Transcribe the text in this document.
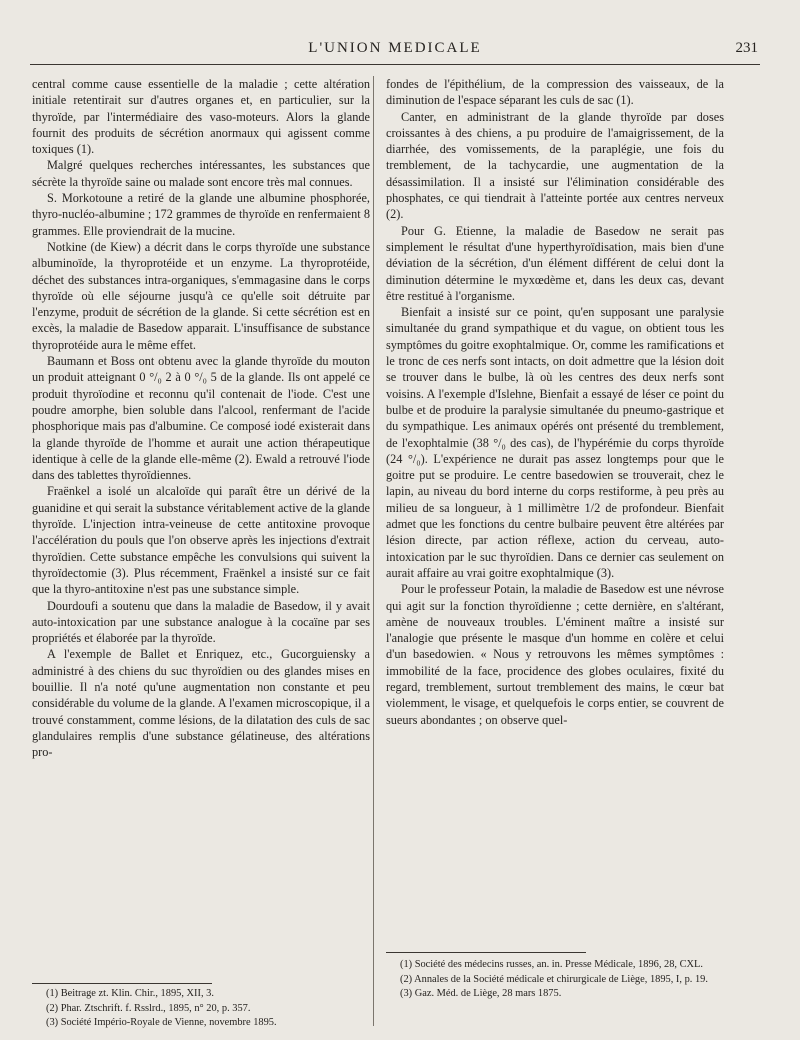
L'UNION MEDICALE	231

central comme cause essentielle de la maladie ; cette altération initiale retentirait sur d'autres organes et, en particulier, sur la thyroïde, par l'intermédiaire des vaso-moteurs. Alors la glande fournit des produits de sécrétion anormaux qui agissent comme toxiques (1).

Malgré quelques recherches intéressantes, les substances que sécrète la thyroïde saine ou malade sont encore très mal connues.

S. Morkotoune a retiré de la glande une albumine phosphorée, thyro-nucléo-albumine ; 172 grammes de thyroïde en renfermaient 8 grammes. Elle proviendrait de la mucine.

Notkine (de Kiew) a décrit dans le corps thyroïde une substance albuminoïde, la thyroprotéide et un enzyme. La thyroprotéide, déchet des substances intra-organiques, s'emmagasine dans le corps thyroïde où elle séjourne jusqu'à ce qu'elle soit détruite par l'enzyme, produit de sécrétion de la glande. Si cette sécrétion est en excès, la maladie de Basedow apparait. L'insuffisance de substance thyroprotéide aura le même effet.

Baumann et Boss ont obtenu avec la glande thyroïde du mouton un produit atteignant 0 °/₀ 2 à 0 °/₀ 5 de la glande. Ils ont appelé ce produit thyroïodine et reconnu qu'il contenait de l'iode. C'est une poudre amorphe, bien soluble dans l'alcool, renfermant de l'acide phosphorique mais pas d'albumine. Ce composé iodé existerait dans la glande thyroïde de l'homme et aurait une action thérapeutique identique à celle de la glande elle-même (2). Ewald a retrouvé l'iode dans des tablettes thyroïdiennes.

Fraënkel a isolé un alcaloïde qui paraît être un dérivé de la guanidine et qui serait la substance véritablement active de la glande thyroïde. L'injection intra-veineuse de cette antitoxine provoque l'accélération du pouls que l'on observe après les injections d'extrait thyroïdien. Cette substance empêche les convulsions qui suivent la thyroïdectomie (3). Plus récemment, Fraënkel a insisté sur ce fait que la thyro-antitoxine n'est pas une substance simple.

Dourdoufi a soutenu que dans la maladie de Basedow, il y avait auto-intoxication par une substance analogue à la cocaïne par ses propriétés et élaborée par la thyroïde.

A l'exemple de Ballet et Enriquez, etc., Gucorguiensky a administré à des chiens du suc thyroïdien ou des glandes mises en bouillie. Il n'a noté qu'une augmentation non constante et peu considérable du volume de la glande. A l'examen microscopique, il a trouvé constamment, comme lésions, de la dilatation des culs de sac glandulaires remplis d'une substance gélatineuse, des altérations pro-

fondes de l'épithélium, de la compression des vaisseaux, de la diminution de l'espace séparant les culs de sac (1).

Canter, en administrant de la glande thyroïde par doses croissantes à des chiens, a pu produire de l'amaigrissement, de la diarrhée, des vomissements, de la paraplégie, une fois du tremblement, de la tachycardie, une augmentation de la désassimilation. Il a insisté sur l'élimination considérable des phosphates, ce qui tiendrait à l'atteinte portée aux centres nerveux (2).

Pour G. Etienne, la maladie de Basedow ne serait pas simplement le résultat d'une hyperthyroïdisation, mais bien d'une déviation de la sécrétion, d'un élément différent de celui dont la diminution détermine le myxœdème et, dans les deux cas, devant être restitué à l'organisme.

Bienfait a insisté sur ce point, qu'en supposant une paralysie simultanée du grand sympathique et du vague, on obtient tous les symptômes du goitre exophtalmique. Or, comme les ramifications et le tronc de ces nerfs sont intacts, on doit admettre que la lésion doit se trouver dans le bulbe, là où les centres des deux nerfs sont voisins. A l'exemple d'Islehne, Bienfait a essayé de léser ce point du bulbe et de produire la paralysie simultanée du pneumo-gastrique et du sympathique. Les animaux opérés ont présenté du tremblement, de l'exophtalmie (38 °/₀ des cas), de l'hypérémie du corps thyroïde (24 °/₀). L'expérience ne durait pas assez longtemps pour que le goitre put se produire. Le centre basedowien se trouverait, chez le lapin, au niveau du bord interne du corps restiforme, à peu près au milieu de sa longueur, à 1 millimètre 1/2 de profondeur. Bienfait admet que les fonctions du centre bulbaire peuvent être altérées par lésion directe, par action réflexe, action du cerveau, auto-intoxication par le suc thyroïdien. Dans ce dernier cas seulement on aurait affaire au vrai goitre exophtalmique (3).

Pour le professeur Potain, la maladie de Basedow est une névrose qui agit sur la fonction thyroïdienne ; cette dernière, en s'altérant, amène de nouveaux troubles. L'éminent maître a insisté sur l'analogie que présente le masque d'un homme en colère et celui d'un basedowien. « Nous y retrouvons les mêmes symptômes : immobilité de la face, procidence des globes oculaires, fixité du regard, tremblement, surtout tremblement des mains, le cœur bat violemment, le visage, et quelquefois le corps entier, se couvrent de sueurs abondantes ; on observe quel-

(1) Beitrage zt. Klin. Chir., 1895, XII, 3.

(2) Phar. Ztschrift. f. Rsslrd., 1895, n° 20, p. 357.

(3) Société Império-Royale de Vienne, novembre 1895.

(1) Société des médecins russes, an. in. Presse Médicale, 1896, 28, CXL.

(2) Annales de la Société médicale et chirurgicale de Liège, 1895, I, p. 19.

(3) Gaz. Méd. de Liège, 28 mars 1875.
